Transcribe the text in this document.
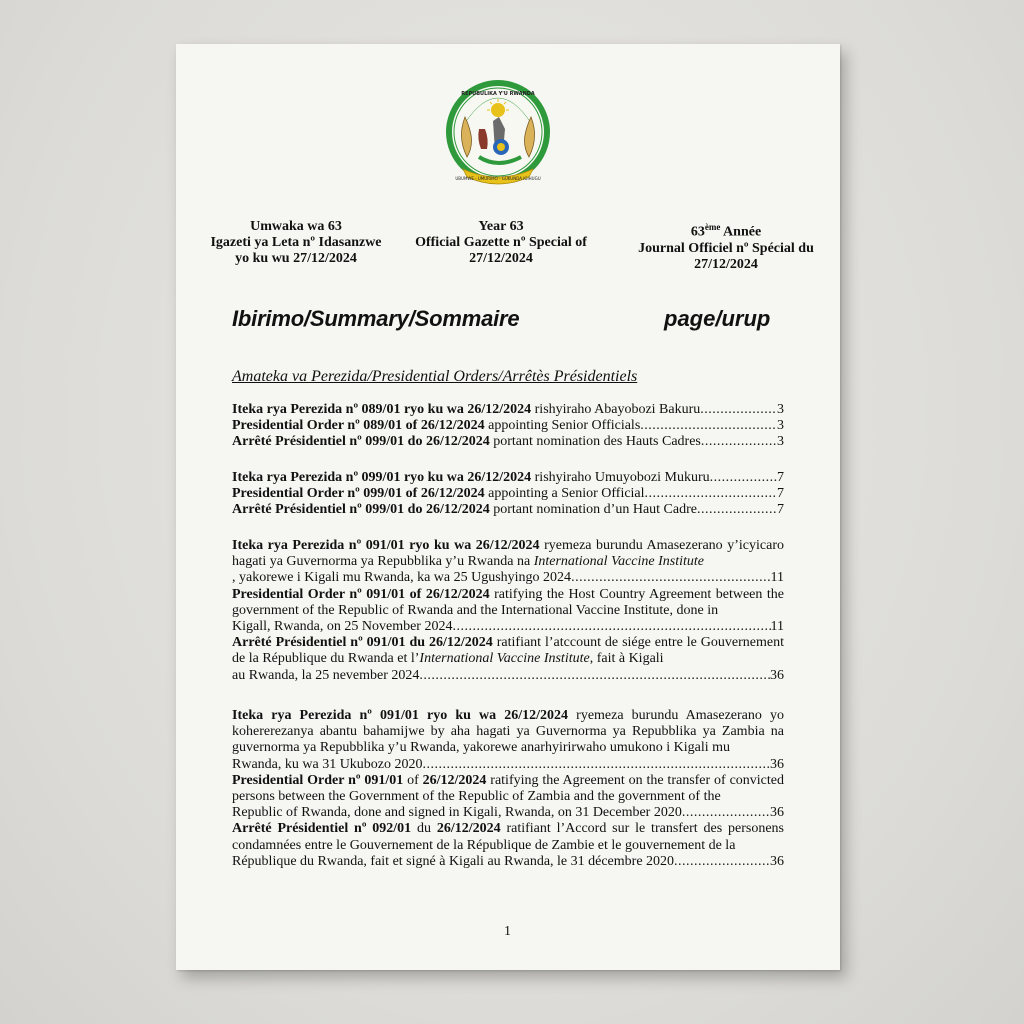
REPUBULIKA Y'U RWANDA
UBUMWE - UMURIMO - GUKUNDA IGIHUGU
Umwaka wa 63
Igazeti ya Leta nº Idasanzwe
yo ku wu 27/12/2024
Year 63
Official Gazette nº Special of
27/12/2024
63ème Année
Journal Officiel nº Spécial du
27/12/2024
Ibirimo/Summary/Sommaire	page/urup
Amateka va Perezida/Presidential Orders/Arrêtès Présidentiels
Iteka rya Perezida nº 089/01 ryo ku wa 26/12/2024 rishyiraho Abayobozi Bakuru .....	3
Presidential Order nº 089/01 of 26/12/2024 appointing Senior Officials .....	3
Arrêté Présidentiel nº 099/01 do 26/12/2024 portant nomination des Hauts Cadres .....	3
Iteka rya Perezida nº 099/01 ryo ku wa 26/12/2024 rishyiraho Umuyobozi Mukuru .....	7
Presidential Order nº 099/01 of 26/12/2024 appointing a Senior Official .....	7
Arrêté Présidentiel nº 099/01 do 26/12/2024 portant nomination d’un Haut Cadre .....	7
Iteka rya Perezida nº 091/01 ryo ku wa 26/12/2024 ryemeza burundu Amasezerano y’icyicaro hagati ya Guvernorma ya Repubblika y’u Rwanda na International Vaccine Institute
, yakorewe i Kigali mu Rwanda, ka wa 25 Ugushyingo 2024 .....	11
Presidential Order nº 091/01 of 26/12/2024 ratifying the Host Country Agreement between the government of the Republic of Rwanda and the International Vaccine Institute, done in
Kigall, Rwanda, on 25 November 2024 .....	11
Arrêté Présidentiel nº 091/01 du 26/12/2024 ratifiant l’atccount de siége entre le Gouvernement de la République du Rwanda et l’International Vaccine Institute, fait à Kigali
au Rwanda, la 25 nevember 2024 .....	36
Iteka rya Perezida nº 091/01 ryo ku wa 26/12/2024 ryemeza burundu Amasezerano yo kohererezanya abantu bahamijwe by aha hagati ya Guvernorma ya Repubblika ya Zambia na guvernorma ya Repubblika y’u Rwanda, yakorewe anarhyirirwaho umukono i Kigali mu
Rwanda, ku wa 31 Ukubozo 2020 .....	36
Presidential Order nº 091/01 of 26/12/2024 ratifying the Agreement on the transfer of convicted persons between the Government of the Republic of Zambia and the government of the
Republic of Rwanda, done and signed in Kigali, Rwanda, on 31 December 2020 .....	36
Arrêté Présidentiel nº 092/01 du 26/12/2024 ratifiant l’Accord sur le transfert des personens condamnées entre le Gouvernement de la République de Zambie et le gouvernement de la
République du Rwanda, fait et signé à Kigali au Rwanda, le 31 décembre 2020 .....	36
1
